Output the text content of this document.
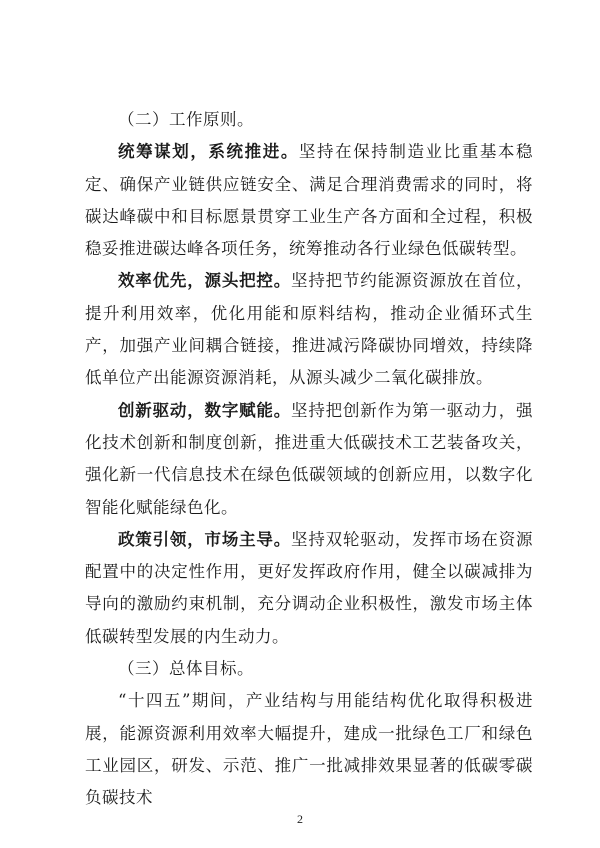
（二）工作原则。

统筹谋划，系统推进。坚持在保持制造业比重基本稳定、确保产业链供应链安全、满足合理消费需求的同时，将碳达峰碳中和目标愿景贯穿工业生产各方面和全过程，积极稳妥推进碳达峰各项任务，统筹推动各行业绿色低碳转型。

效率优先，源头把控。坚持把节约能源资源放在首位，提升利用效率，优化用能和原料结构，推动企业循环式生产，加强产业间耦合链接，推进减污降碳协同增效，持续降低单位产出能源资源消耗，从源头减少二氧化碳排放。

创新驱动，数字赋能。坚持把创新作为第一驱动力，强化技术创新和制度创新，推进重大低碳技术工艺装备攻关，强化新一代信息技术在绿色低碳领域的创新应用，以数字化智能化赋能绿色化。

政策引领，市场主导。坚持双轮驱动，发挥市场在资源配置中的决定性作用，更好发挥政府作用，健全以碳减排为导向的激励约束机制，充分调动企业积极性，激发市场主体低碳转型发展的内生动力。

（三）总体目标。

“十四五”期间，产业结构与用能结构优化取得积极进展，能源资源利用效率大幅提升，建成一批绿色工厂和绿色工业园区，研发、示范、推广一批减排效果显著的低碳零碳负碳技术

2
